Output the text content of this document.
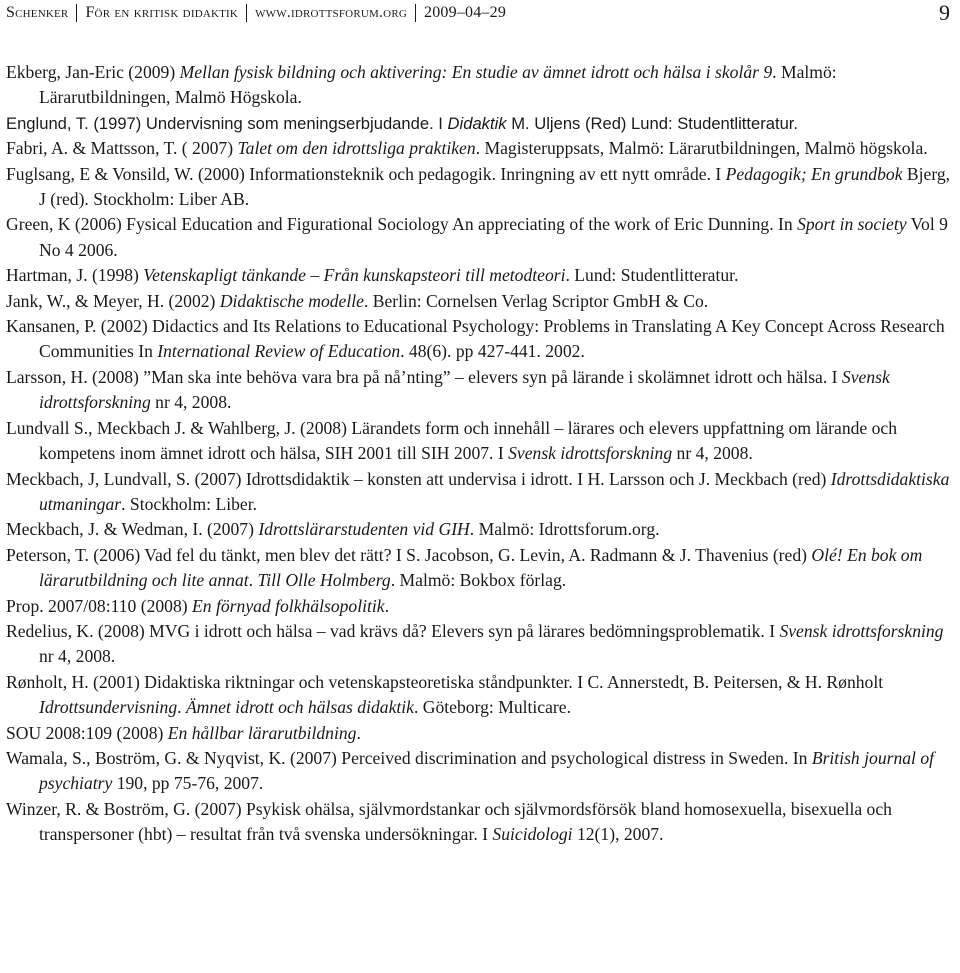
Schenker För en kritisk didaktik www.idrottsforum.org 2009–04–29	9

Ekberg, Jan-Eric (2009) Mellan fysisk bildning och aktivering: En studie av ämnet idrott och hälsa i skolår 9. Malmö: Lärarutbildningen, Malmö Högskola.

Englund, T. (1997) Undervisning som meningserbjudande. I Didaktik M. Uljens (Red) Lund: Studentlitteratur.

Fabri, A. & Mattsson, T. ( 2007) Talet om den idrottsliga praktiken. Magisteruppsats, Malmö: Lärarutbildningen, Malmö högskola.

Fuglsang, E & Vonsild, W. (2000) Informationsteknik och pedagogik. Inringning av ett nytt område. I Pedagogik; En grundbok Bjerg, J (red). Stockholm: Liber AB.

Green, K (2006) Fysical Education and Figurational Sociology An appreciating of the work of Eric Dunning. In Sport in society Vol 9 No 4 2006.

Hartman, J. (1998) Vetenskapligt tänkande – Från kunskapsteori till metodteori. Lund: Studentlitteratur.

Jank, W., & Meyer, H. (2002) Didaktische modelle. Berlin: Cornelsen Verlag Scriptor GmbH & Co.

Kansanen, P. (2002) Didactics and Its Relations to Educational Psychology: Problems in Translating A Key Concept Across Research Communities In International Review of Education. 48(6). pp 427-441. 2002.

Larsson, H. (2008) ”Man ska inte behöva vara bra på nå’nting” – elevers syn på lärande i skolämnet idrott och hälsa. I Svensk idrottsforskning nr 4, 2008.

Lundvall S., Meckbach J. & Wahlberg, J. (2008) Lärandets form och innehåll – lärares och elevers uppfattning om lärande och kompetens inom ämnet idrott och hälsa, SIH 2001 till SIH 2007. I Svensk idrottsforskning nr 4, 2008.

Meckbach, J, Lundvall, S. (2007) Idrottsdidaktik – konsten att undervisa i idrott. I H. Larsson och J. Meckbach (red) Idrottsdidaktiska utmaningar. Stockholm: Liber.

Meckbach, J. & Wedman, I. (2007) Idrottslärarstudenten vid GIH. Malmö: Idrottsforum.org.

Peterson, T. (2006) Vad fel du tänkt, men blev det rätt? I S. Jacobson, G. Levin, A. Radmann & J. Thavenius (red) Olé! En bok om lärarutbildning och lite annat. Till Olle Holmberg. Malmö: Bokbox förlag.

Prop. 2007/08:110 (2008) En förnyad folkhälsopolitik.

Redelius, K. (2008) MVG i idrott och hälsa – vad krävs då? Elevers syn på lärares bedömningsproblematik. I Svensk idrottsforskning nr 4, 2008.

Rønholt, H. (2001) Didaktiska riktningar och vetenskapsteoretiska ståndpunkter. I C. Annerstedt, B. Peitersen, & H. Rønholt Idrottsundervisning. Ämnet idrott och hälsas didaktik. Göteborg: Multicare.

SOU 2008:109 (2008) En hållbar lärarutbildning.

Wamala, S., Boström, G. & Nyqvist, K. (2007) Perceived discrimination and psychological distress in Sweden. In British journal of psychiatry 190, pp 75-76, 2007.

Winzer, R. & Boström, G. (2007) Psykisk ohälsa, självmordstankar och självmordsförsök bland homosexuella, bisexuella och transpersoner (hbt) – resultat från två svenska undersökningar. I Suicidologi 12(1), 2007.
